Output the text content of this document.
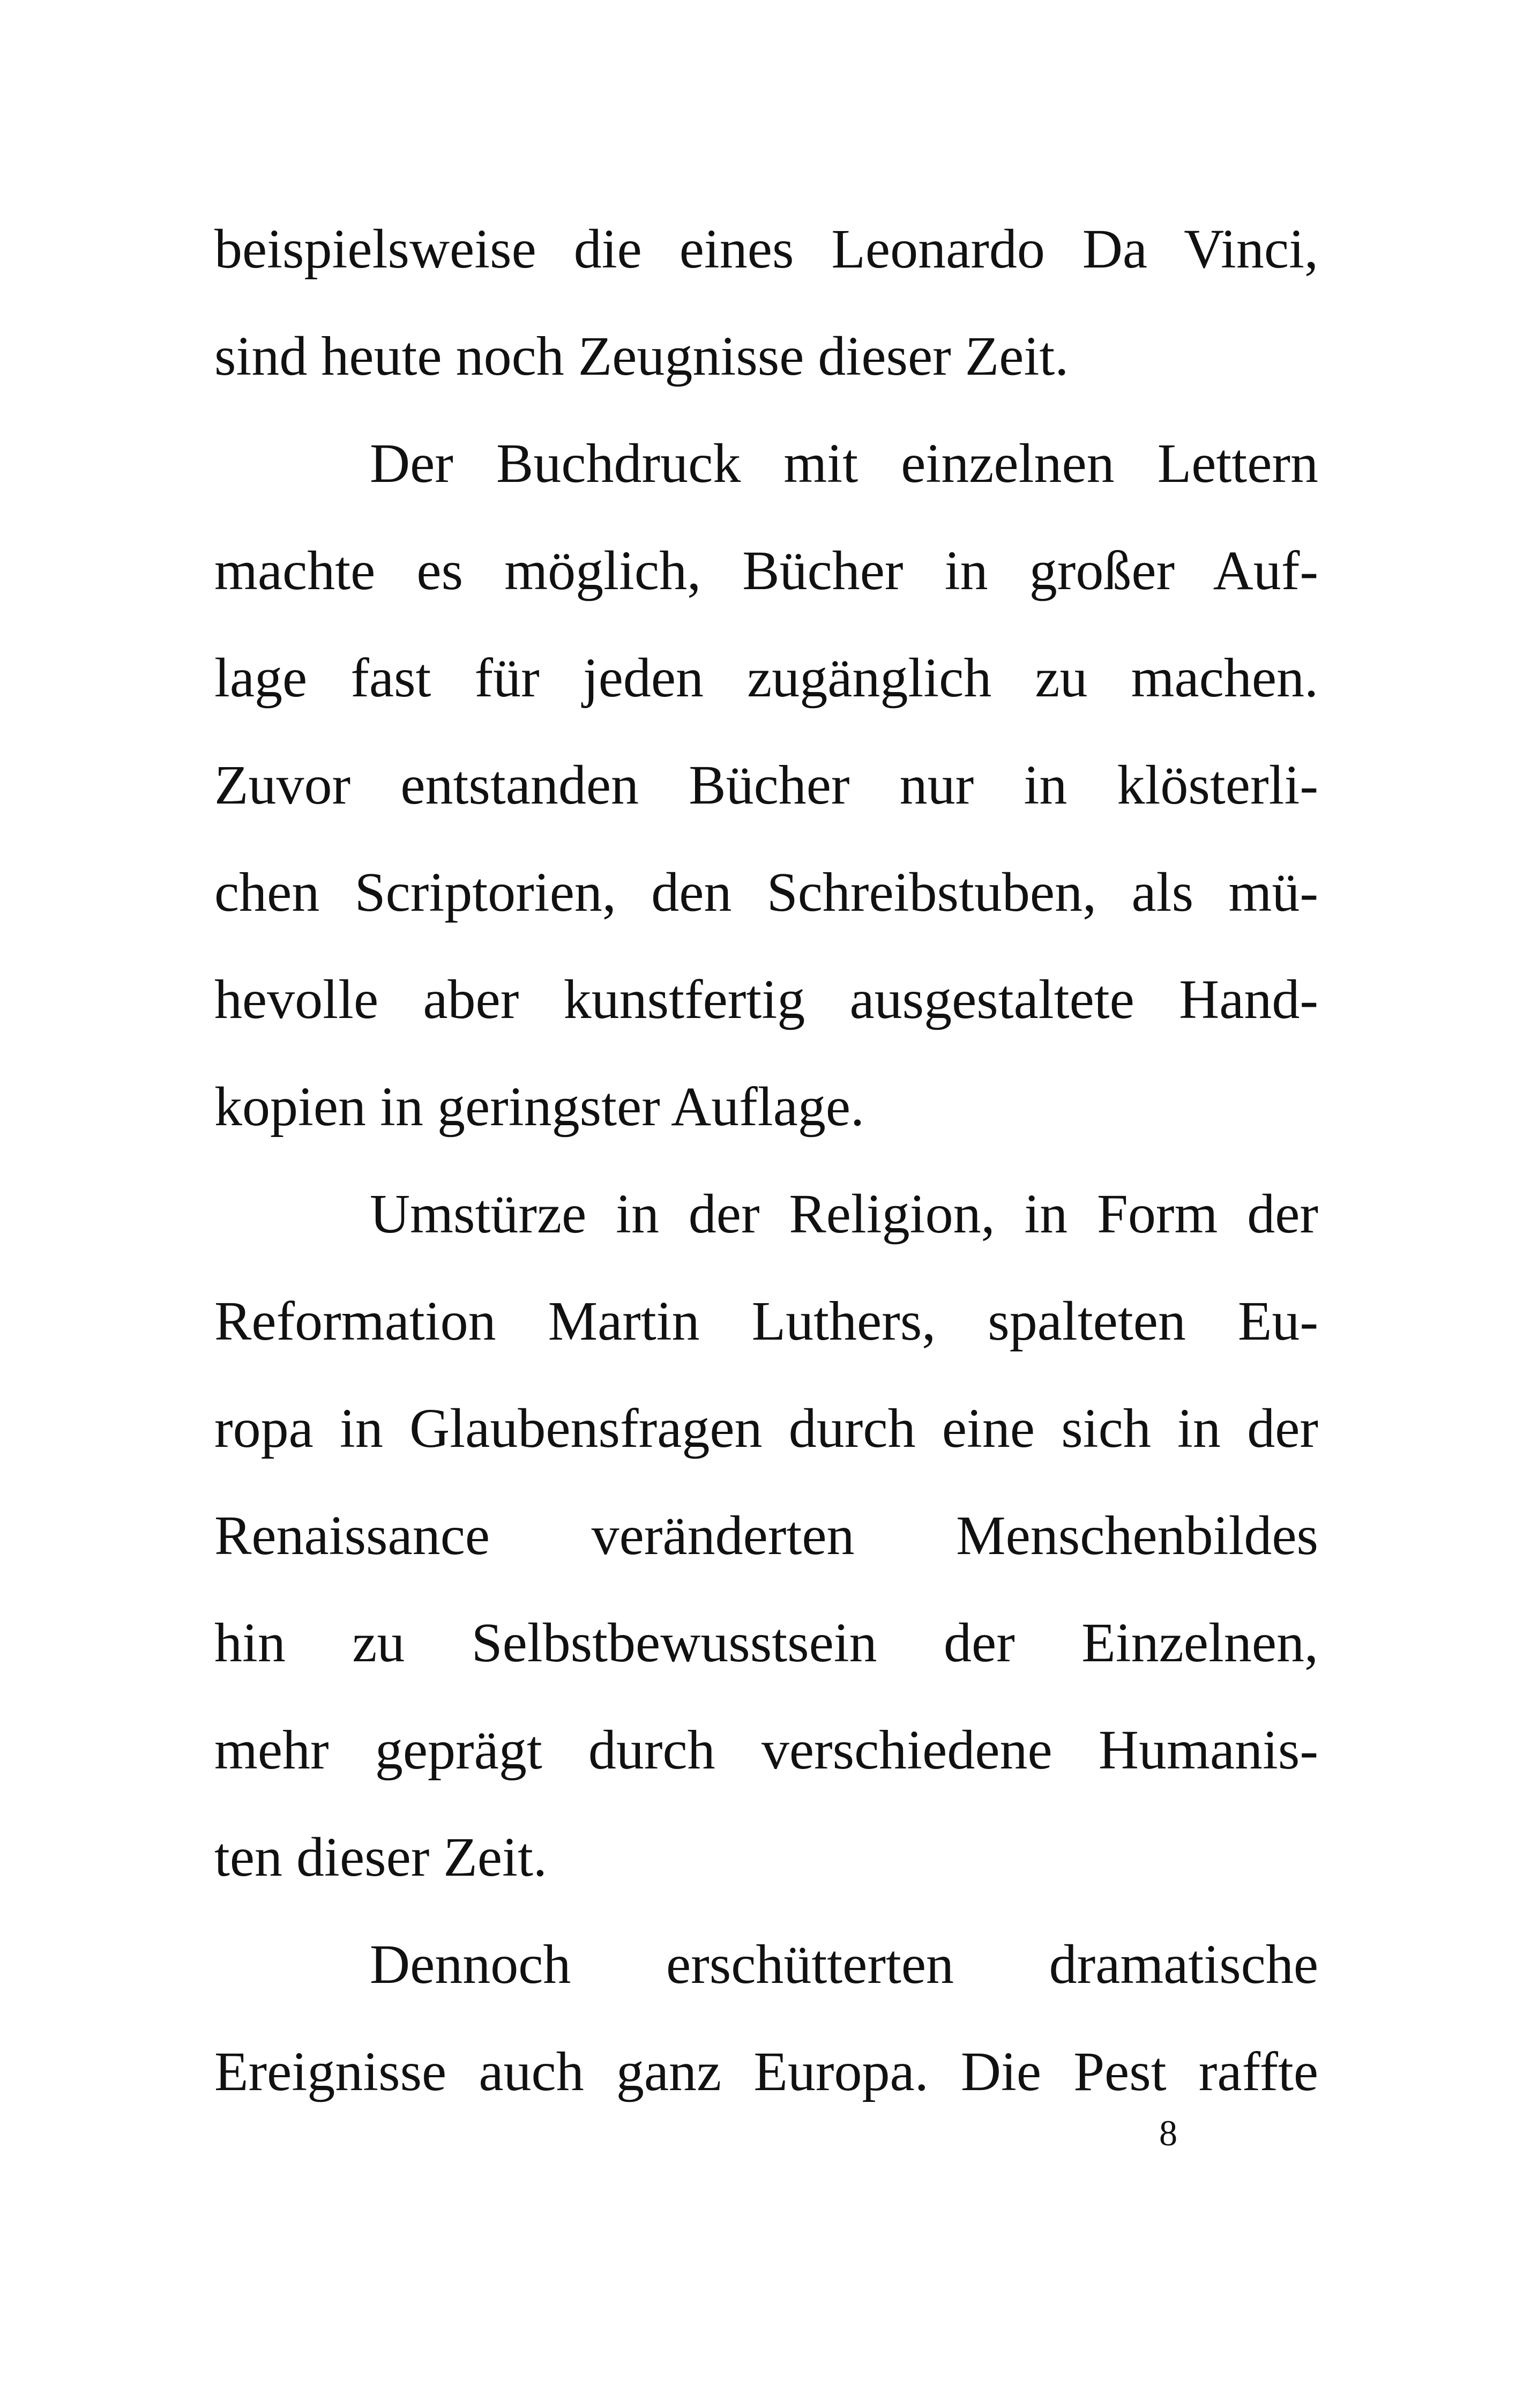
beispielsweise die eines Leonardo Da Vinci,
sind heute noch Zeugnisse dieser Zeit.
Der Buchdruck mit einzelnen Lettern
machte es möglich, Bücher in großer Auf-
lage fast für jeden zugänglich zu machen.
Zuvor entstanden Bücher nur in klösterli-
chen Scriptorien, den Schreibstuben, als mü-
hevolle aber kunstfertig ausgestaltete Hand-
kopien in geringster Auflage.
Umstürze in der Religion, in Form der
Reformation Martin Luthers, spalteten Eu-
ropa in Glaubensfragen durch eine sich in der
Renaissance veränderten Menschenbildes
hin zu Selbstbewusstsein der Einzelnen,
mehr geprägt durch verschiedene Humanis-
ten dieser Zeit.
Dennoch erschütterten dramatische
Ereignisse auch ganz Europa. Die Pest raffte
8
